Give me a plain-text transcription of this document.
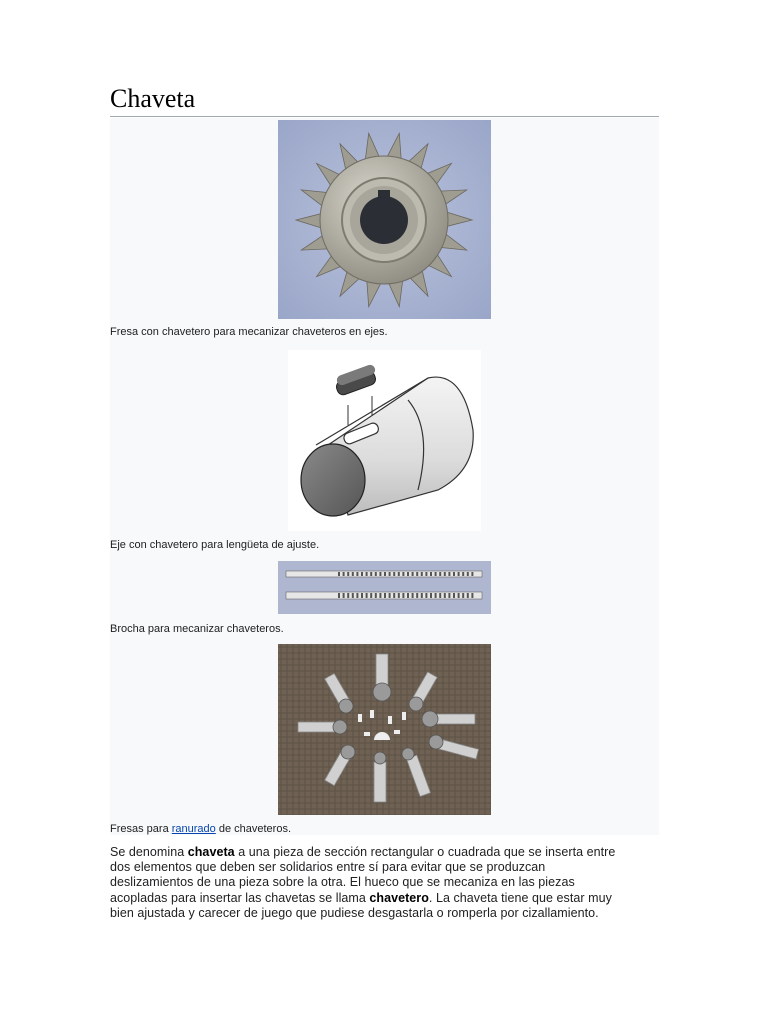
Chaveta
Fresa con chavetero para mecanizar chaveteros en ejes.
Eje con chavetero para lengüeta de ajuste.
Brocha para mecanizar chaveteros.
Fresas para ranurado de chaveteros.
Se denomina chaveta a una pieza de sección rectangular o cuadrada que se inserta entre
dos elementos que deben ser solidarios entre sí para evitar que se produzcan
deslizamientos de una pieza sobre la otra. El hueco que se mecaniza en las piezas
acopladas para insertar las chavetas se llama chavetero. La chaveta tiene que estar muy
bien ajustada y carecer de juego que pudiese desgastarla o romperla por cizallamiento.
